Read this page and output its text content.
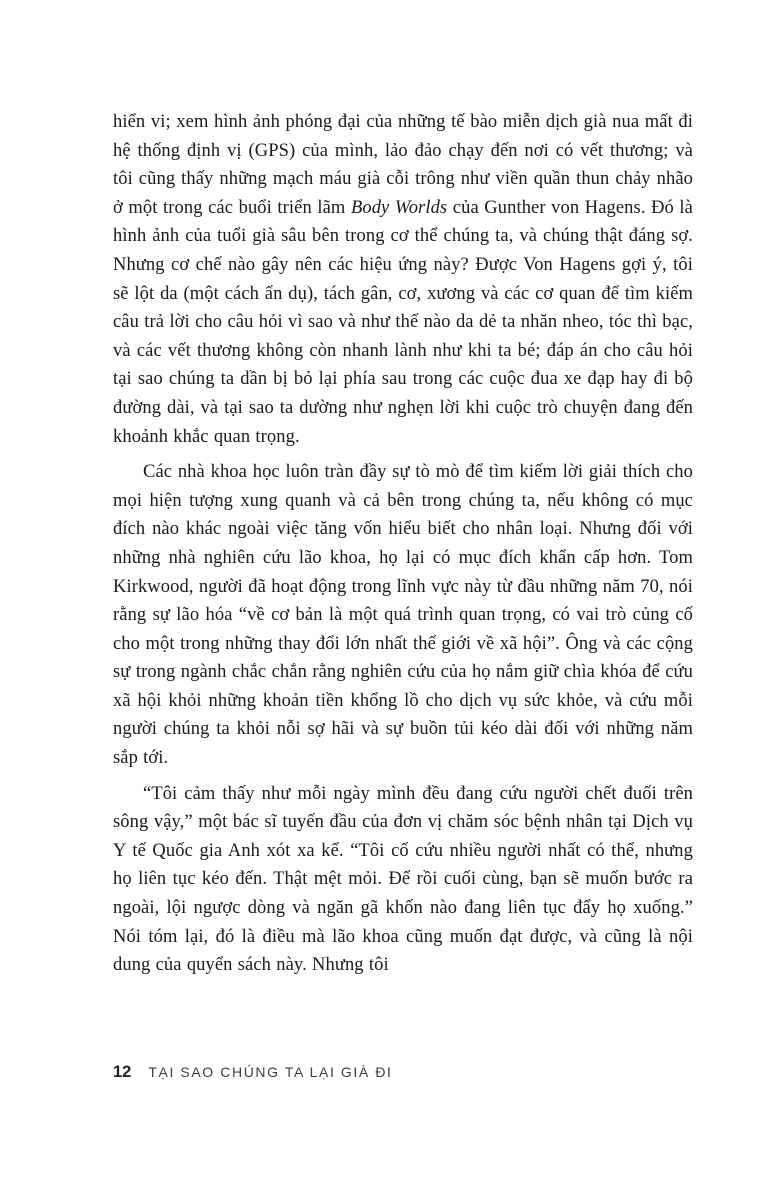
hiển vi; xem hình ảnh phóng đại của những tế bào miễn dịch già nua mất đi hệ thống định vị (GPS) của mình, lảo đảo chạy đến nơi có vết thương; và tôi cũng thấy những mạch máu già cỗi trông như viền quần thun chảy nhão ở một trong các buổi triển lãm Body Worlds của Gunther von Hagens. Đó là hình ảnh của tuổi già sâu bên trong cơ thể chúng ta, và chúng thật đáng sợ. Nhưng cơ chế nào gây nên các hiệu ứng này? Được Von Hagens gợi ý, tôi sẽ lột da (một cách ẩn dụ), tách gân, cơ, xương và các cơ quan để tìm kiếm câu trả lời cho câu hỏi vì sao và như thế nào da dẻ ta nhăn nheo, tóc thì bạc, và các vết thương không còn nhanh lành như khi ta bé; đáp án cho câu hỏi tại sao chúng ta dần bị bỏ lại phía sau trong các cuộc đua xe đạp hay đi bộ đường dài, và tại sao ta dường như nghẹn lời khi cuộc trò chuyện đang đến khoảnh khắc quan trọng.

Các nhà khoa học luôn tràn đầy sự tò mò để tìm kiếm lời giải thích cho mọi hiện tượng xung quanh và cả bên trong chúng ta, nếu không có mục đích nào khác ngoài việc tăng vốn hiểu biết cho nhân loại. Nhưng đối với những nhà nghiên cứu lão khoa, họ lại có mục đích khẩn cấp hơn. Tom Kirkwood, người đã hoạt động trong lĩnh vực này từ đầu những năm 70, nói rằng sự lão hóa “về cơ bản là một quá trình quan trọng, có vai trò củng cố cho một trong những thay đổi lớn nhất thế giới về xã hội”. Ông và các cộng sự trong ngành chắc chắn rằng nghiên cứu của họ nắm giữ chìa khóa để cứu xã hội khỏi những khoản tiền khổng lồ cho dịch vụ sức khỏe, và cứu mỗi người chúng ta khỏi nỗi sợ hãi và sự buồn tủi kéo dài đối với những năm sắp tới.

“Tôi cảm thấy như mỗi ngày mình đều đang cứu người chết đuối trên sông vậy,” một bác sĩ tuyến đầu của đơn vị chăm sóc bệnh nhân tại Dịch vụ Y tế Quốc gia Anh xót xa kể. “Tôi cố cứu nhiều người nhất có thể, nhưng họ liên tục kéo đến. Thật mệt mỏi. Để rồi cuối cùng, bạn sẽ muốn bước ra ngoài, lội ngược dòng và ngăn gã khốn nào đang liên tục đẩy họ xuống.” Nói tóm lại, đó là điều mà lão khoa cũng muốn đạt được, và cũng là nội dung của quyển sách này. Nhưng tôi

12 TẠI SAO CHÚNG TA LẠI GIÀ ĐI
